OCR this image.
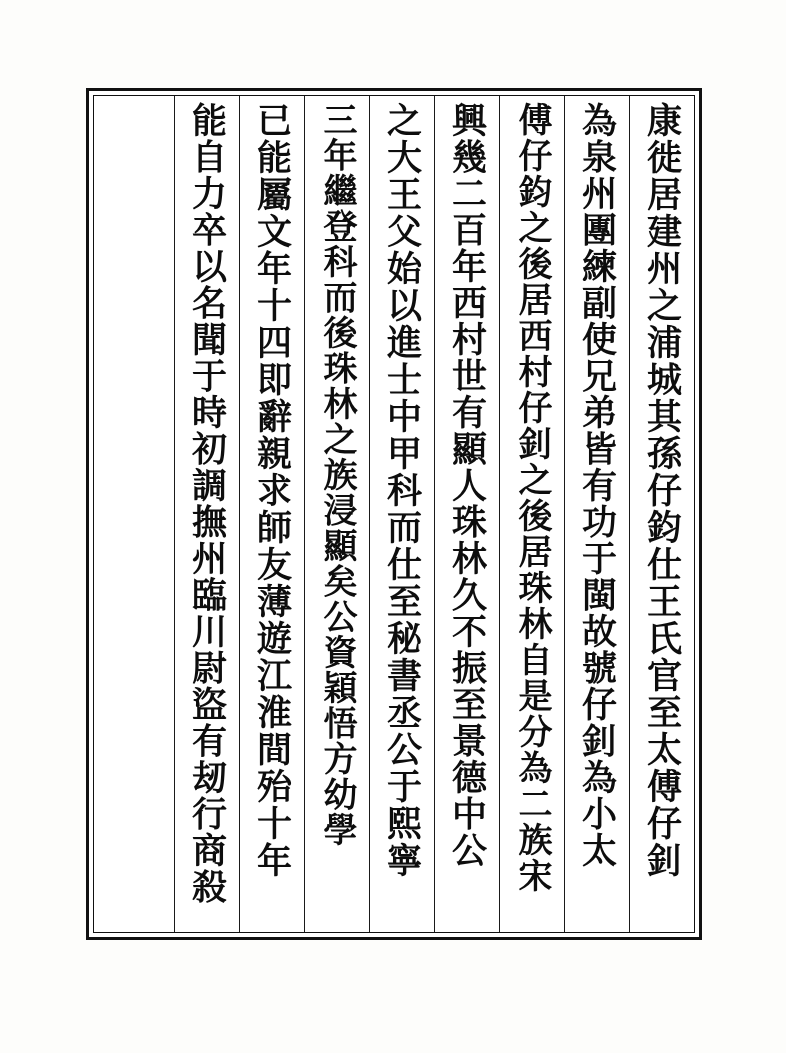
康徙居建州之浦城其孫仔鈞仕王氏官至太傅仔釗
為泉州團練副使兄弟皆有功于閩故號仔釗為小太
傅仔鈞之後居西村仔釗之後居珠林自是分為二族宋
興幾二百年西村世有顯人珠林久不振至景德中公
之大王父始以進士中甲科而仕至秘書丞公于熙寧
三年繼登科而後珠林之族浸顯矣公資穎悟方幼學
已能屬文年十四即辭親求師友薄遊江淮間殆十年
能自力卒以名聞于時初調撫州臨川尉盜有刼行商殺
